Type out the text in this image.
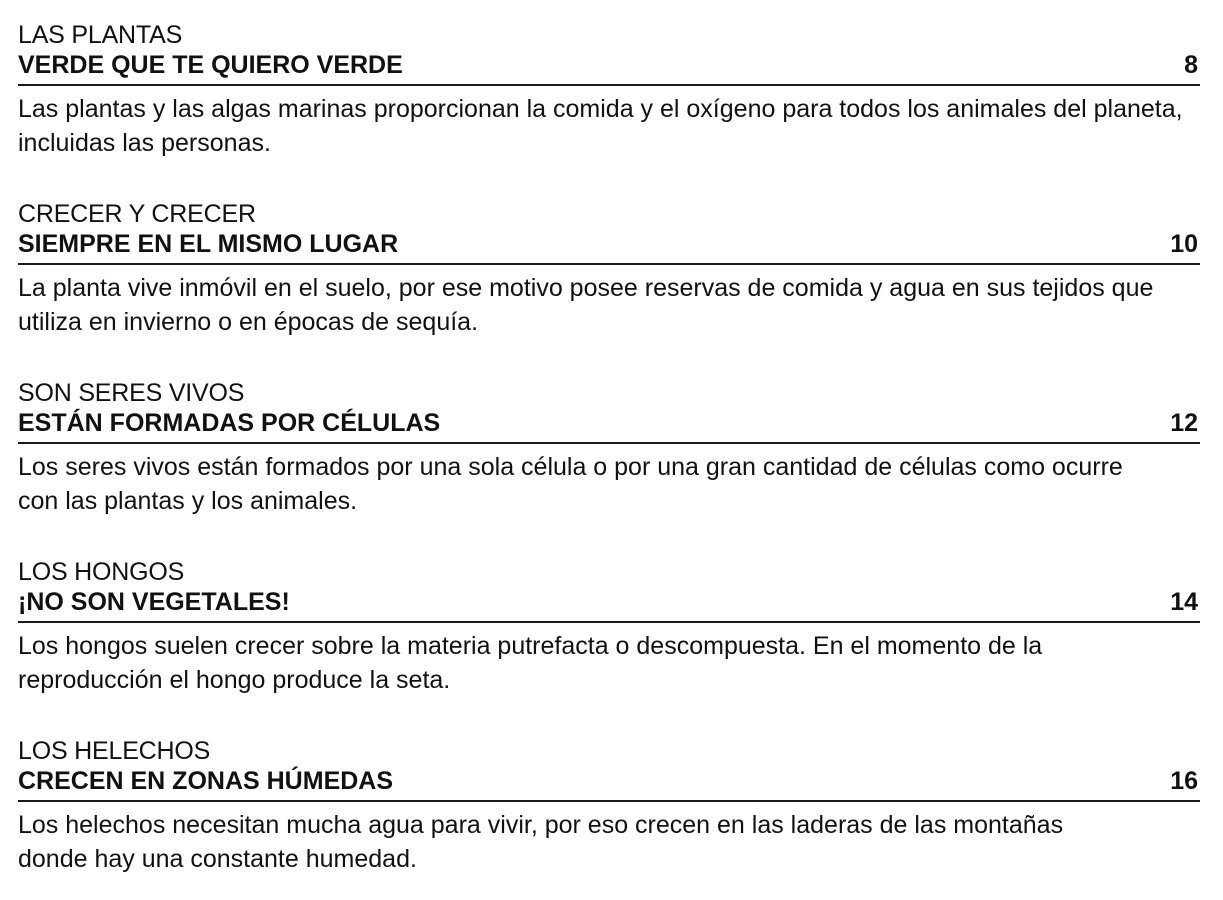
LAS PLANTAS

VERDE QUE TE QUIERO VERDE	8

Las plantas y las algas marinas proporcionan la comida y el oxígeno para todos los animales del planeta, incluidas las personas.

CRECER Y CRECER

SIEMPRE EN EL MISMO LUGAR	10

La planta vive inmóvil en el suelo, por ese motivo posee reservas de comida y agua en sus tejidos que utiliza en invierno o en épocas de sequía.

SON SERES VIVOS

ESTÁN FORMADAS POR CÉLULAS	12

Los seres vivos están formados por una sola célula o por una gran cantidad de células como ocurre con las plantas y los animales.

LOS HONGOS

¡NO SON VEGETALES!	14

Los hongos suelen crecer sobre la materia putrefacta o descompuesta. En el momento de la reproducción el hongo produce la seta.

LOS HELECHOS

CRECEN EN ZONAS HÚMEDAS	16

Los helechos necesitan mucha agua para vivir, por eso crecen en las laderas de las montañas donde hay una constante humedad.
